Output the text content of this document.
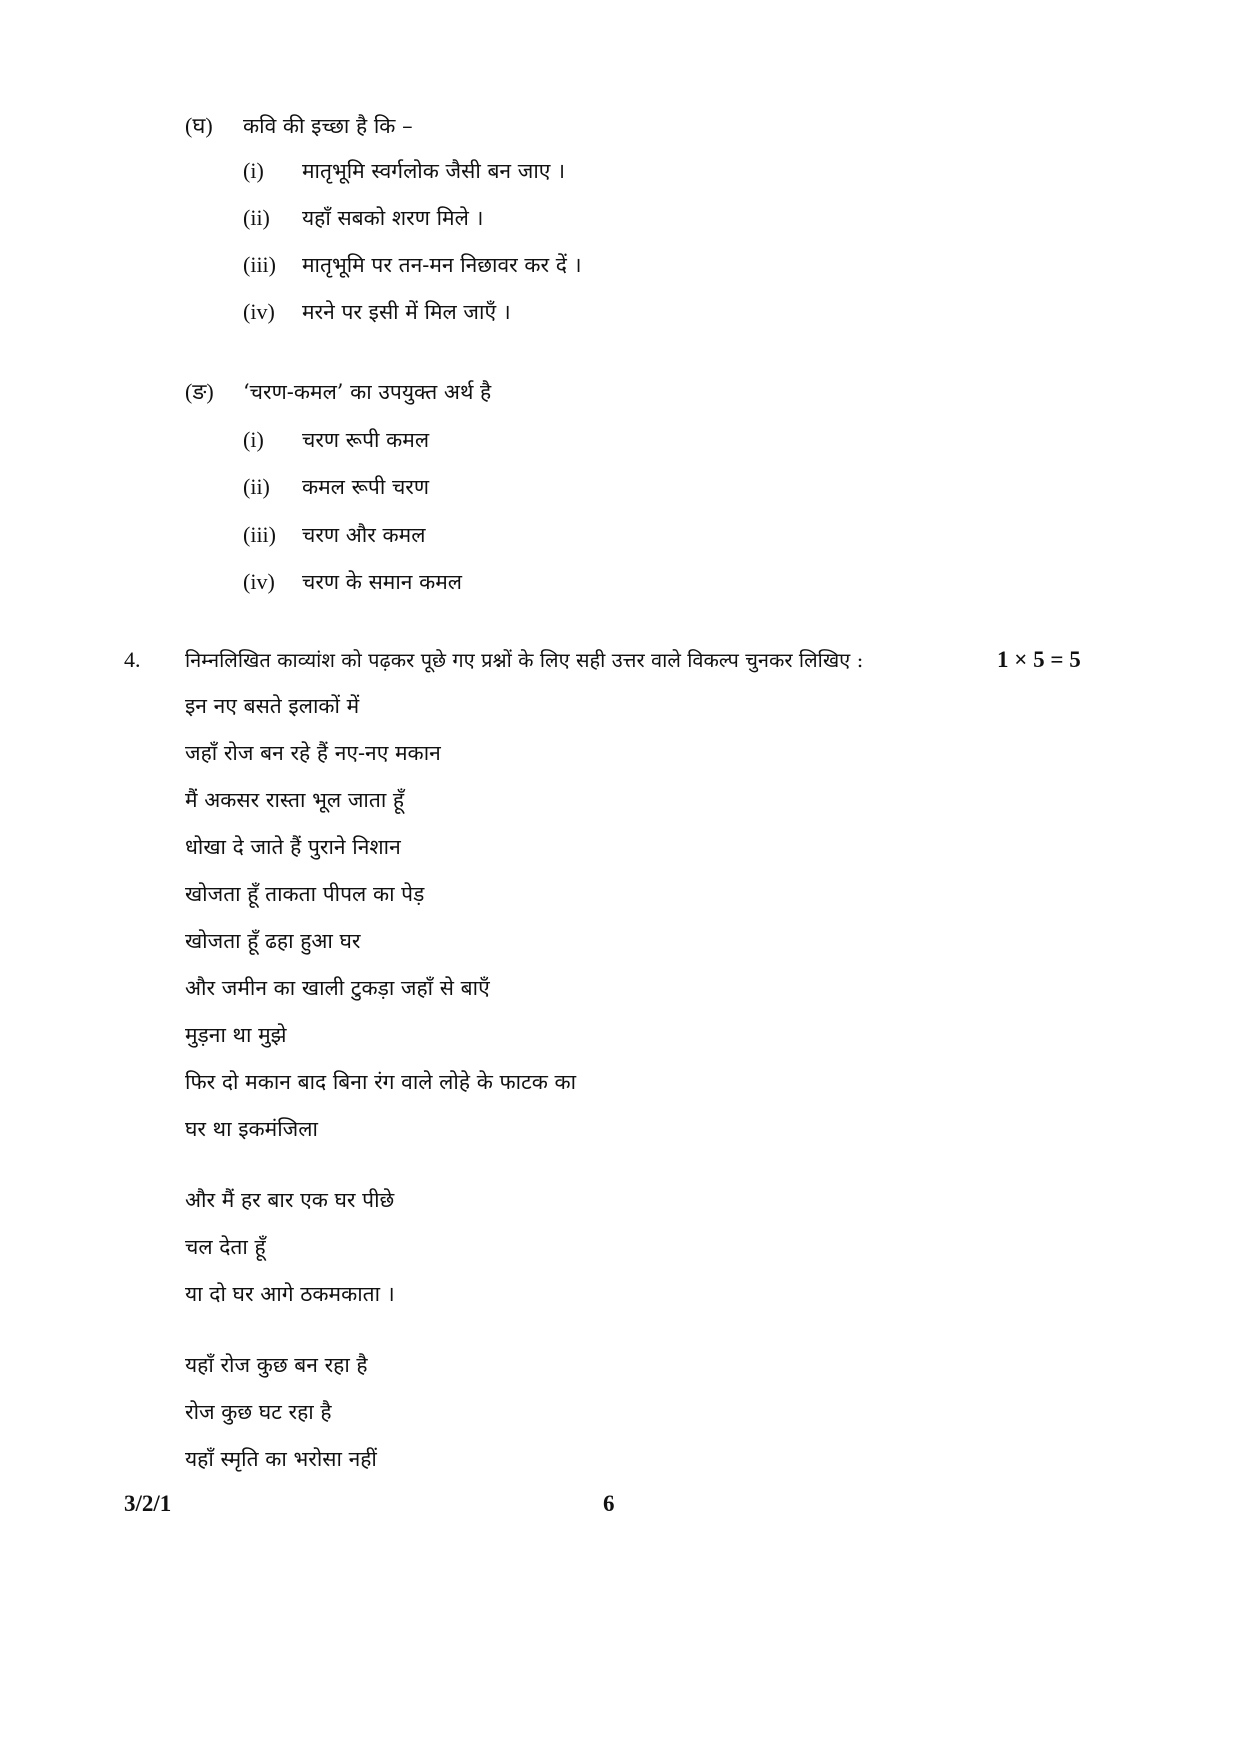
(घ) कवि की इच्छा है कि –
(i) मातृभूमि स्वर्गलोक जैसी बन जाए ।
(ii) यहाँ सबको शरण मिले ।
(iii) मातृभूमि पर तन-मन निछावर कर दें ।
(iv) मरने पर इसी में मिल जाएँ ।
(ङ) ‘चरण-कमल’ का उपयुक्त अर्थ है
(i) चरण रूपी कमल
(ii) कमल रूपी चरण
(iii) चरण और कमल
(iv) चरण के समान कमल
4. निम्नलिखित काव्यांश को पढ़कर पूछे गए प्रश्नों के लिए सही उत्तर वाले विकल्प चुनकर लिखिए :	1 × 5 = 5
इन नए बसते इलाकों में
जहाँ रोज बन रहे हैं नए-नए मकान
मैं अकसर रास्ता भूल जाता हूँ
धोखा दे जाते हैं पुराने निशान
खोजता हूँ ताकता पीपल का पेड़
खोजता हूँ ढहा हुआ घर
और जमीन का खाली टुकड़ा जहाँ से बाएँ
मुड़ना था मुझे
फिर दो मकान बाद बिना रंग वाले लोहे के फाटक का
घर था इकमंजिला
और मैं हर बार एक घर पीछे
चल देता हूँ
या दो घर आगे ठकमकाता ।
यहाँ रोज कुछ बन रहा है
रोज कुछ घट रहा है
यहाँ स्मृति का भरोसा नहीं
3/2/1	6
